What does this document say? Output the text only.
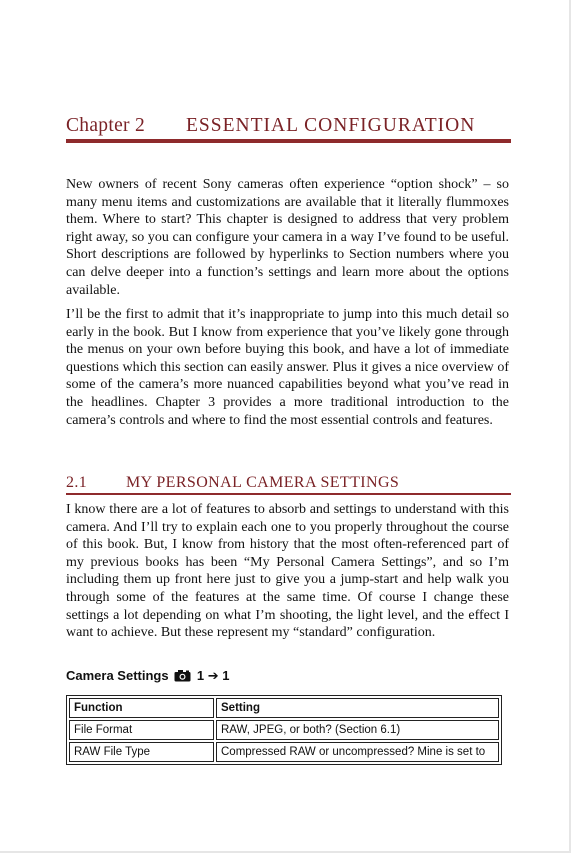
Chapter 2 ESSENTIAL CONFIGURATION

New owners of recent Sony cameras often experience “option shock” – so many menu items and customizations are available that it literally flummoxes them. Where to start? This chapter is designed to address that very problem right away, so you can configure your camera in a way I’ve found to be useful. Short descriptions are followed by hyperlinks to Section numbers where you can delve deeper into a function’s settings and learn more about the options available.

I’ll be the first to admit that it’s inappropriate to jump into this much detail so early in the book. But I know from experience that you’ve likely gone through the menus on your own before buying this book, and have a lot of immediate questions which this section can easily answer. Plus it gives a nice overview of some of the camera’s more nuanced capabilities beyond what you’ve read in the headlines. Chapter 3 provides a more traditional introduction to the camera’s controls and where to find the most essential controls and features.

2.1 MY PERSONAL CAMERA SETTINGS

I know there are a lot of features to absorb and settings to understand with this camera. And I’ll try to explain each one to you properly throughout the course of this book. But, I know from history that the most often-referenced part of my previous books has been “My Personal Camera Settings”, and so I’m including them up front here just to give you a jump-start and help walk you through some of the features at the same time. Of course I change these settings a lot depending on what I’m shooting, the light level, and the effect I want to achieve. But these represent my “standard” configuration.

Camera Settings 1 ➔ 1
Function	Setting
File Format	RAW, JPEG, or both? (Section 6.1)
RAW File Type	Compressed RAW or uncompressed? Mine is set to
